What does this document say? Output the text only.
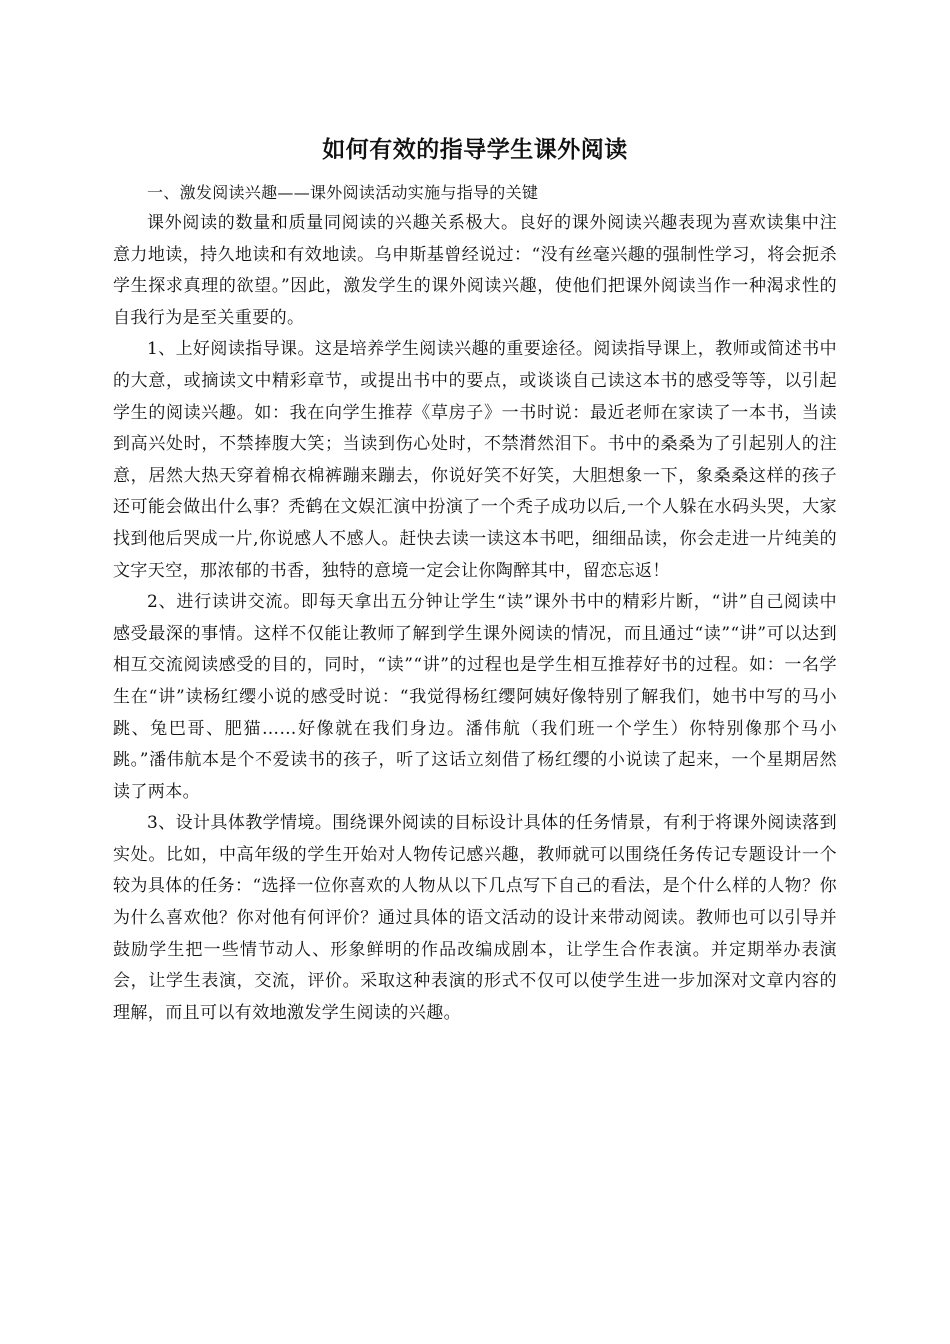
如何有效的指导学生课外阅读

一、激发阅读兴趣——课外阅读活动实施与指导的关键

课外阅读的数量和质量同阅读的兴趣关系极大。良好的课外阅读兴趣表现为喜欢读集中注意力地读，持久地读和有效地读。乌申斯基曾经说过：“没有丝毫兴趣的强制性学习，将会扼杀学生探求真理的欲望。”因此，激发学生的课外阅读兴趣，使他们把课外阅读当作一种渴求性的自我行为是至关重要的。

1、上好阅读指导课。这是培养学生阅读兴趣的重要途径。阅读指导课上，教师或简述书中的大意，或摘读文中精彩章节，或提出书中的要点，或谈谈自己读这本书的感受等等，以引起学生的阅读兴趣。如：我在向学生推荐《草房子》一书时说：最近老师在家读了一本书，当读到高兴处时，不禁捧腹大笑；当读到伤心处时，不禁潸然泪下。书中的桑桑为了引起别人的注意，居然大热天穿着棉衣棉裤蹦来蹦去，你说好笑不好笑，大胆想象一下，象桑桑这样的孩子还可能会做出什么事？秃鹤在文娱汇演中扮演了一个秃子成功以后,一个人躲在水码头哭，大家找到他后哭成一片,你说感人不感人。赶快去读一读这本书吧，细细品读，你会走进一片纯美的文字天空，那浓郁的书香，独特的意境一定会让你陶醉其中，留恋忘返！

2、进行读讲交流。即每天拿出五分钟让学生“读”课外书中的精彩片断，“讲”自己阅读中感受最深的事情。这样不仅能让教师了解到学生课外阅读的情况，而且通过“读”“讲”可以达到相互交流阅读感受的目的，同时，“读”“讲”的过程也是学生相互推荐好书的过程。如：一名学生在“讲”读杨红缨小说的感受时说：“我觉得杨红缨阿姨好像特别了解我们，她书中写的马小跳、兔巴哥、肥猫……好像就在我们身边。潘伟航（我们班一个学生）你特别像那个马小跳。”潘伟航本是个不爱读书的孩子，听了这话立刻借了杨红缨的小说读了起来，一个星期居然读了两本。

3、设计具体教学情境。围绕课外阅读的目标设计具体的任务情景，有利于将课外阅读落到实处。比如，中高年级的学生开始对人物传记感兴趣，教师就可以围绕任务传记专题设计一个较为具体的任务：“选择一位你喜欢的人物从以下几点写下自己的看法，是个什么样的人物？你为什么喜欢他？你对他有何评价？通过具体的语文活动的设计来带动阅读。教师也可以引导并鼓励学生把一些情节动人、形象鲜明的作品改编成剧本，让学生合作表演。并定期举办表演会，让学生表演，交流，评价。采取这种表演的形式不仅可以使学生进一步加深对文章内容的理解，而且可以有效地激发学生阅读的兴趣。
